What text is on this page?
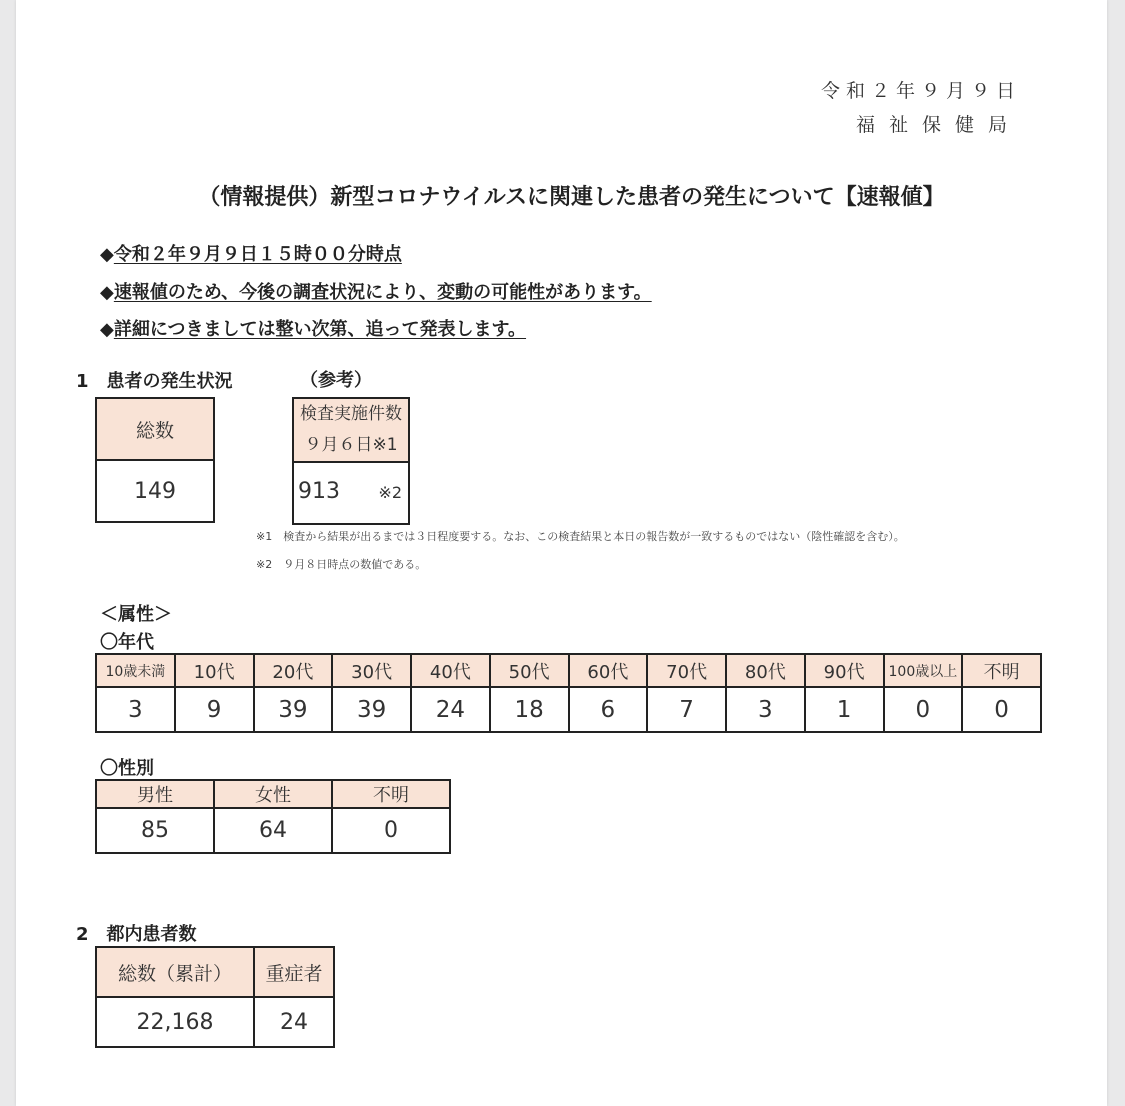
令和２年９月９日
福祉保健局
（情報提供）新型コロナウイルスに関連した患者の発生について【速報値】
◆令和２年９月９日１５時００分時点
◆速報値のため、今後の調査状況により、変動の可能性があります。
◆詳細につきましては整い次第、追って発表します。
1　患者の発生状況	（参考）
総数
149
検査実施件数
９月６日※1

913 ※2
※1　検査から結果が出るまでは３日程度要する。なお、この検査結果と本日の報告数が一致するものではない（陰性確認を含む）。
※2　９月８日時点の数値である。
＜属性＞
〇年代
10歳未満	10代	20代	30代	40代	50代	60代	70代	80代	90代	100歳以上	不明
3	9	39	39	24	18	6	7	3	1	0	0
〇性別
男性	女性	不明
85	64	0
2　都内患者数
総数（累計）	重症者
22,168	24
